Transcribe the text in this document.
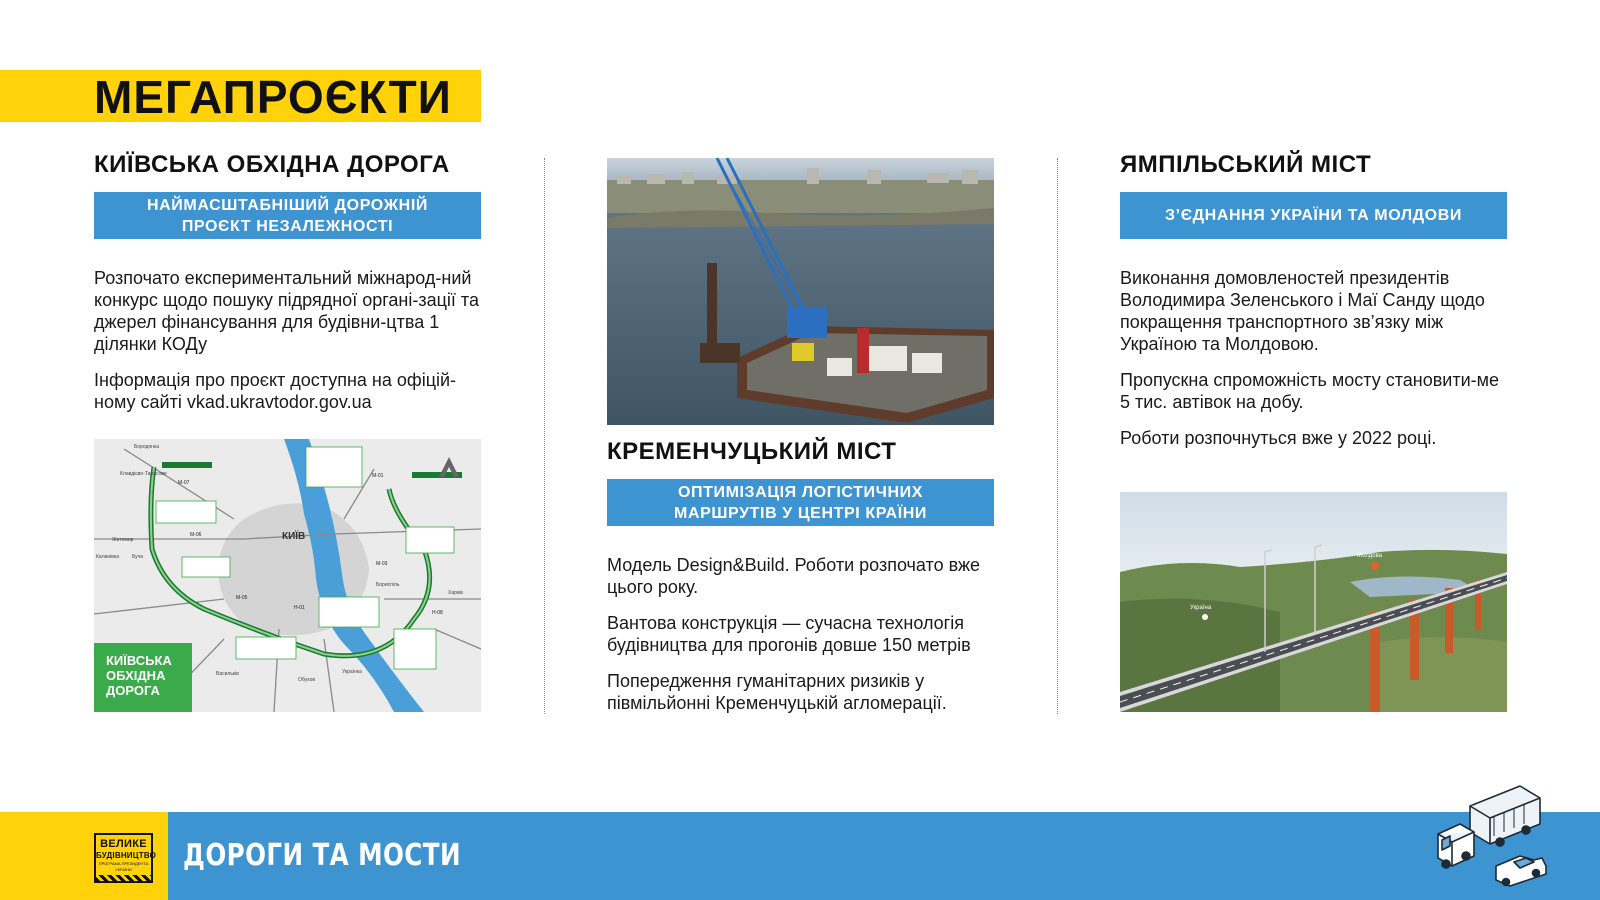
МЕГАПРОЄКТИ
КИЇВСЬКА ОБХІДНА ДОРОГА
НАЙМАСШТАБНІШИЙ ДОРОЖНІЙ
ПРОЄКТ НЕЗАЛЕЖНОСТІ

Розпочато експериментальний міжнарод-ний конкурс щодо пошуку підрядної органі-зації та джерел фінансування для будівни-цтва 1 ділянки КОДу

Інформація про проєкт доступна на офіцій-ному сайті vkad.ukravtodor.gov.ua

КИЇВ
Бородянка
Клавдієво-Тарасове
Житомир
Калинівка	Бучa
Бориспіль
Васильків
Обухов
Українка
Харків
М-07
М-06
М-05
М-01
М-03
Н-01
Н-08
КИЇВСЬКА
ОБХІДНА
ДОРОГА
КРЕМЕНЧУЦЬКИЙ МІСТ
ОПТИМІЗАЦІЯ ЛОГІСТИЧНИХ
МАРШРУТІВ У ЦЕНТРІ КРАЇНИ

Модель Design&Build. Роботи розпочато вже цього року.

Вантова конструкція — сучасна технологія будівництва для прогонів довше 150 метрів

Попередження гуманітарних ризиків у півмільйонні Кременчуцькій агломерації.

ЯМПІЛЬСЬКИЙ МІСТ
З’ЄДНАННЯ УКРАЇНИ ТА МОЛДОВИ

Виконання домовленостей президентів Володимира Зеленського і Маї Санду щодо покращення транспортного зв’язку між Україною та Молдовою.

Пропускна спроможність мосту становити-ме 5 тис. автівок на добу.

Роботи розпочнуться вже у 2022 році.

Україна
Молдова
ВЕЛИКЕ
БУДІВНИЦТВО
ПРОГРАМА ПРЕЗИДЕНТА УКРАЇНИ	ДОРОГИ ТА МОСТИ
